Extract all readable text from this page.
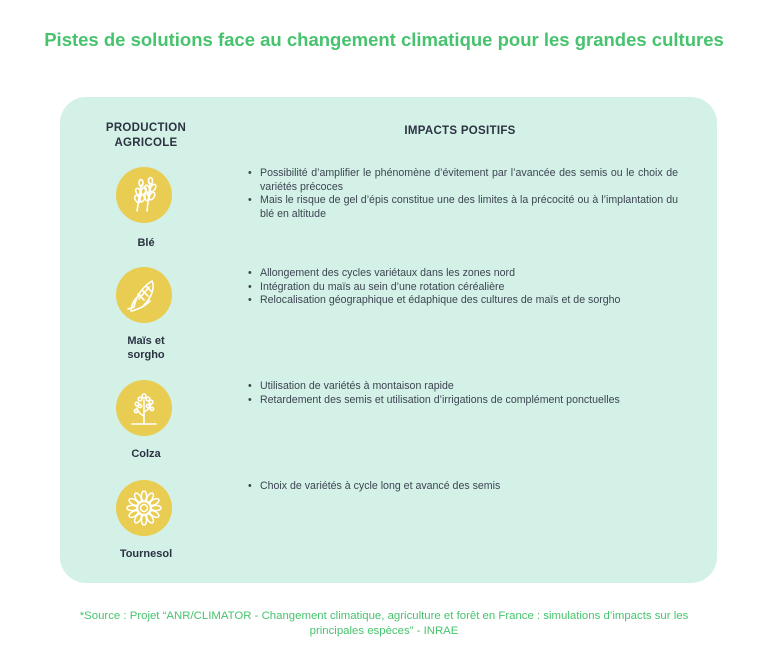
Pistes de solutions face au changement climatique pour les grandes cultures
PRODUCTION AGRICOLE
IMPACTS POSITIFS
Blé
• Possibilité d’amplifier le phénomène d’évitement par l’avancée des semis ou le choix de variétés précoces
• Mais le risque de gel d’épis constitue une des limites à la précocité ou à l’implantation du blé en altitude
Maïs et sorgho
• Allongement des cycles variétaux dans les zones nord
• Intégration du maïs au sein d’une rotation céréalière
• Relocalisation géographique et édaphique des cultures de maïs et de sorgho
Colza
• Utilisation de variétés à montaison rapide
• Retardement des semis et utilisation d’irrigations de complément ponctuelles
Tournesol
• Choix de variétés à cycle long et avancé des semis
*Source : Projet “ANR/CLIMATOR - Changement climatique, agriculture et forêt en France : simulations d’impacts sur les principales espèces” - INRAE
